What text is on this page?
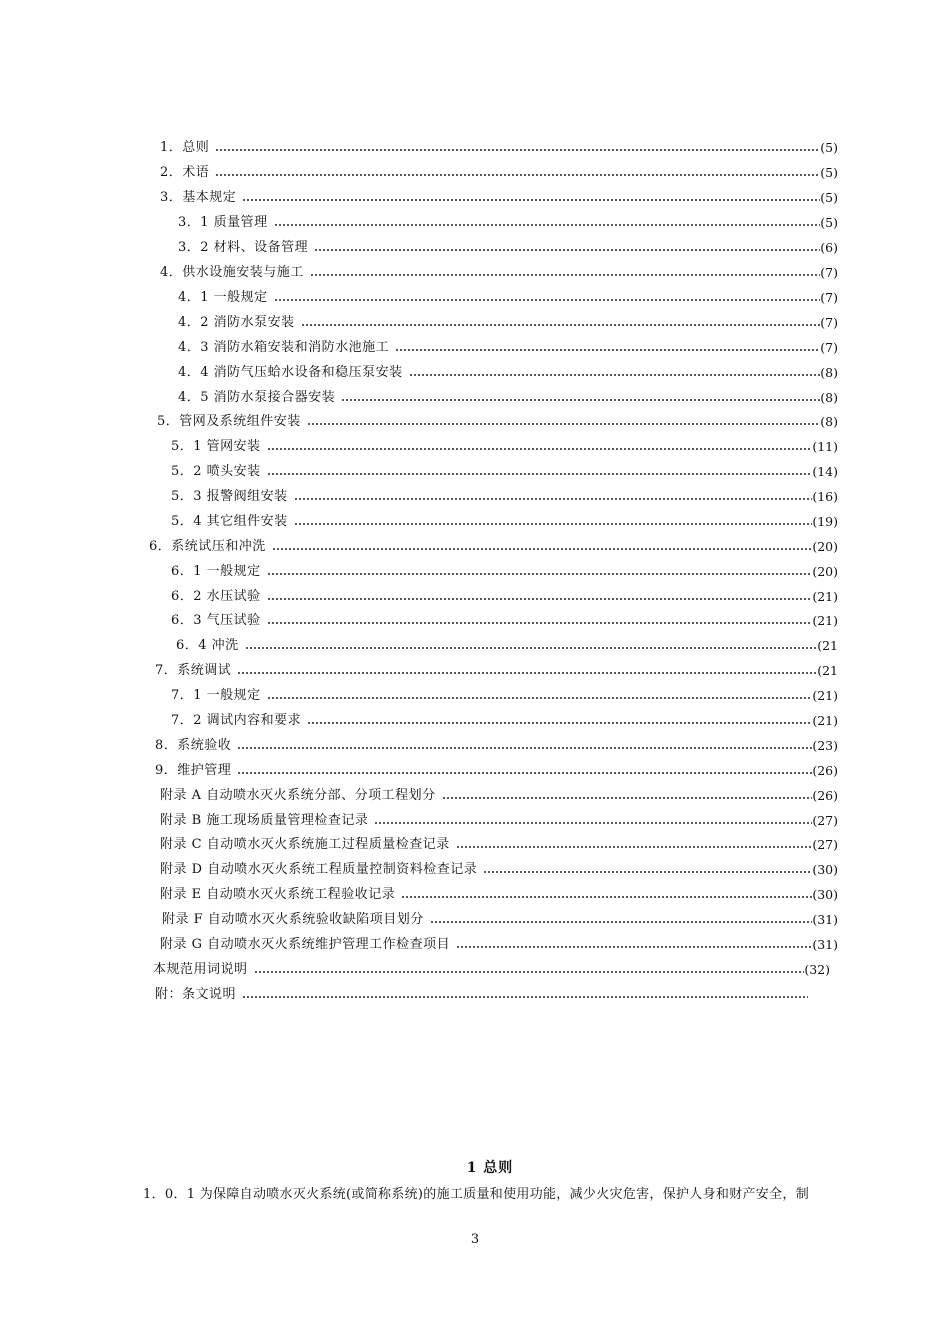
1．总则	(5)
2．术语	(5)
3．基本规定	(5)
3．1 质量管理	(5)
3．2 材料、设备管理	(6)
4．供水设施安装与施工	(7)
4．1 一般规定	(7)
4．2 消防水泵安装	(7)
4．3 消防水箱安装和消防水池施工	(7)
4．4 消防气压蛤水设备和稳压泵安装	(8)
4．5 消防水泵接合器安装	(8)
5．管网及系统组件安装	(8)
5．1 管网安装	(11)
5．2 喷头安装	(14)
5．3 报警阀组安装	(16)
5．4 其它组件安装	(19)
6．系统试压和冲洗	(20)
6．1 一般规定	(20)
6．2 水压试验	(21)
6．3 气压试验	(21)
6．4 冲洗	(21
7．系统调试	(21
7．1 一般规定	(21)
7．2 调试内容和要求	(21)
8．系统验收	(23)
9．维护管理	(26)
附录 A 自动喷水灭火系统分部、分项工程划分	(26)
附录 B 施工现场质量管理检查记录	(27)
附录 C 自动喷水灭火系统施工过程质量检查记录	(27)
附录 D 自动喷水灭火系统工程质量控制资料检查记录	(30)
附录 E 自动喷水灭火系统工程验收记录	(30)
附录 F 自动喷水灭火系统验收缺陷项目划分	(31)
附录 G 自动喷水灭火系统维护管理工作检查项目	(31)
本规范用词说明	(32)
附：条文说明
1 总则
1．0．1 为保障自动喷水灭火系统(或简称系统)的施工质量和使用功能，减少火灾危害，保护人身和财产安全，制
3
